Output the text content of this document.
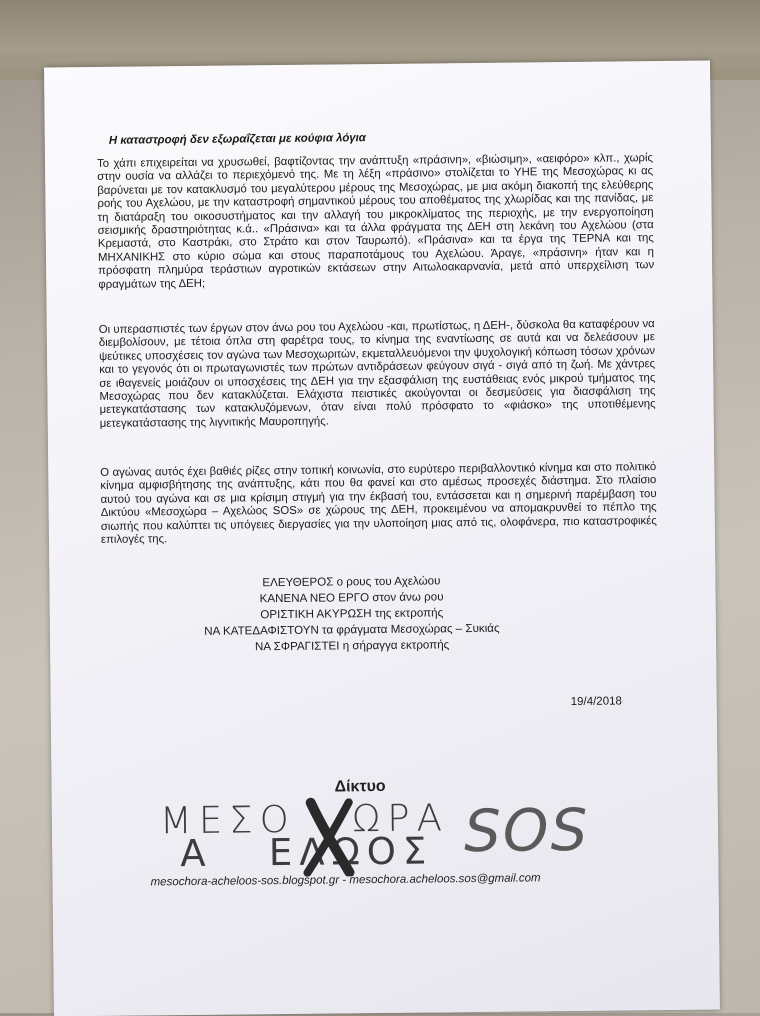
Η καταστροφή δεν εξωραΐζεται με κούφια λόγια

Το χάπι επιχειρείται να χρυσωθεί, βαφτίζοντας την ανάπτυξη «πράσινη», «βιώσιμη», «αειφόρο» κλπ., χωρίς στην ουσία να αλλάζει το περιεχόμενό της. Με τη λέξη «πράσινο» στολίζεται το ΥΗΕ της Μεσοχώρας κι ας βαρύνεται με τον κατακλυσμό του μεγαλύτερου μέρους της Μεσοχώρας, με μια ακόμη διακοπή της ελεύθερης ροής του Αχελώου, με την καταστροφή σημαντικού μέρους του αποθέματος της χλωρίδας και της πανίδας, με τη διατάραξη του οικοσυστήματος και την αλλαγή του μικροκλίματος της περιοχής, με την ενεργοποίηση σεισμικής δραστηριότητας κ.ά.. «Πράσινα» και τα άλλα φράγματα της ΔΕΗ στη λεκάνη του Αχελώου (στα Κρεμαστά, στο Καστράκι, στο Στράτο και στον Ταυρωπό). «Πράσινα» και τα έργα της ΤΕΡΝΑ και της ΜΗΧΑΝΙΚΗΣ στο κύριο σώμα και στους παραποτάμους του Αχελώου. Άραγε, «πράσινη» ήταν και η πρόσφατη πλημύρα τεράστιων αγροτικών εκτάσεων στην Αιτωλοακαρνανία, μετά από υπερχείλιση των φραγμάτων της ΔΕΗ;

Οι υπερασπιστές των έργων στον άνω ρου του Αχελώου -και, πρωτίστως, η ΔΕΗ-, δύσκολα θα καταφέρουν να διεμβολίσουν, με τέτοια όπλα στη φαρέτρα τους, το κίνημα της εναντίωσης σε αυτά και να δελεάσουν με ψεύτικες υποσχέσεις τον αγώνα των Μεσοχωριτών, εκμεταλλευόμενοι την ψυχολογική κόπωση τόσων χρόνων και το γεγονός ότι οι πρωταγωνιστές των πρώτων αντιδράσεων φεύγουν σιγά - σιγά από τη ζωή. Με χάντρες σε ιθαγενείς μοιάζουν οι υποσχέσεις της ΔΕΗ για την εξασφάλιση της ευστάθειας ενός μικρού τμήματος της Μεσοχώρας που δεν κατακλύζεται. Ελάχιστα πειστικές ακούγονται οι δεσμεύσεις για διασφάλιση της μετεγκατάστασης των κατακλυζόμενων, όταν είναι πολύ πρόσφατο το «φιάσκο» της υποτιθέμενης μετεγκατάστασης της λιγνιτικής Μαυροπηγής.

Ο αγώνας αυτός έχει βαθιές ρίζες στην τοπική κοινωνία, στο ευρύτερο περιβαλλοντικό κίνημα και στο πολιτικό κίνημα αμφισβήτησης της ανάπτυξης, κάτι που θα φανεί και στο αμέσως προσεχές διάστημα. Στο πλαίσιο αυτού του αγώνα και σε μια κρίσιμη στιγμή για την έκβασή του, εντάσσεται και η σημερινή παρέμβαση του Δικτύου «Μεσοχώρα – Αχελώος SOS» σε χώρους της ΔΕΗ, προκειμένου να απομακρυνθεί το πέπλο της σιωπής που καλύπτει τις υπόγειες διεργασίες για την υλοποίηση μιας από τις, ολοφάνερα, πιο καταστροφικές επιλογές της.

ΕΛΕΥΘΕΡΟΣ ο ρους του Αχελώου
ΚΑΝΕΝΑ ΝΕΟ ΕΡΓΟ στον άνω ρου
ΟΡΙΣΤΙΚΗ ΑΚΥΡΩΣΗ της εκτροπής
ΝΑ ΚΑΤΕΔΑΦΙΣΤΟΥΝ τα φράγματα Μεσοχώρας – Συκιάς
ΝΑ ΣΦΡΑΓΙΣΤΕΙ η σήραγγα εκτροπής
19/4/2018
Δίκτυο
ΜΕΣΟ   ΩΡΑ
Α   ΕΛΩΟΣ SOS
mesochora-acheloos-sos.blogspot.gr - mesochora.acheloos.sos@gmail.com
